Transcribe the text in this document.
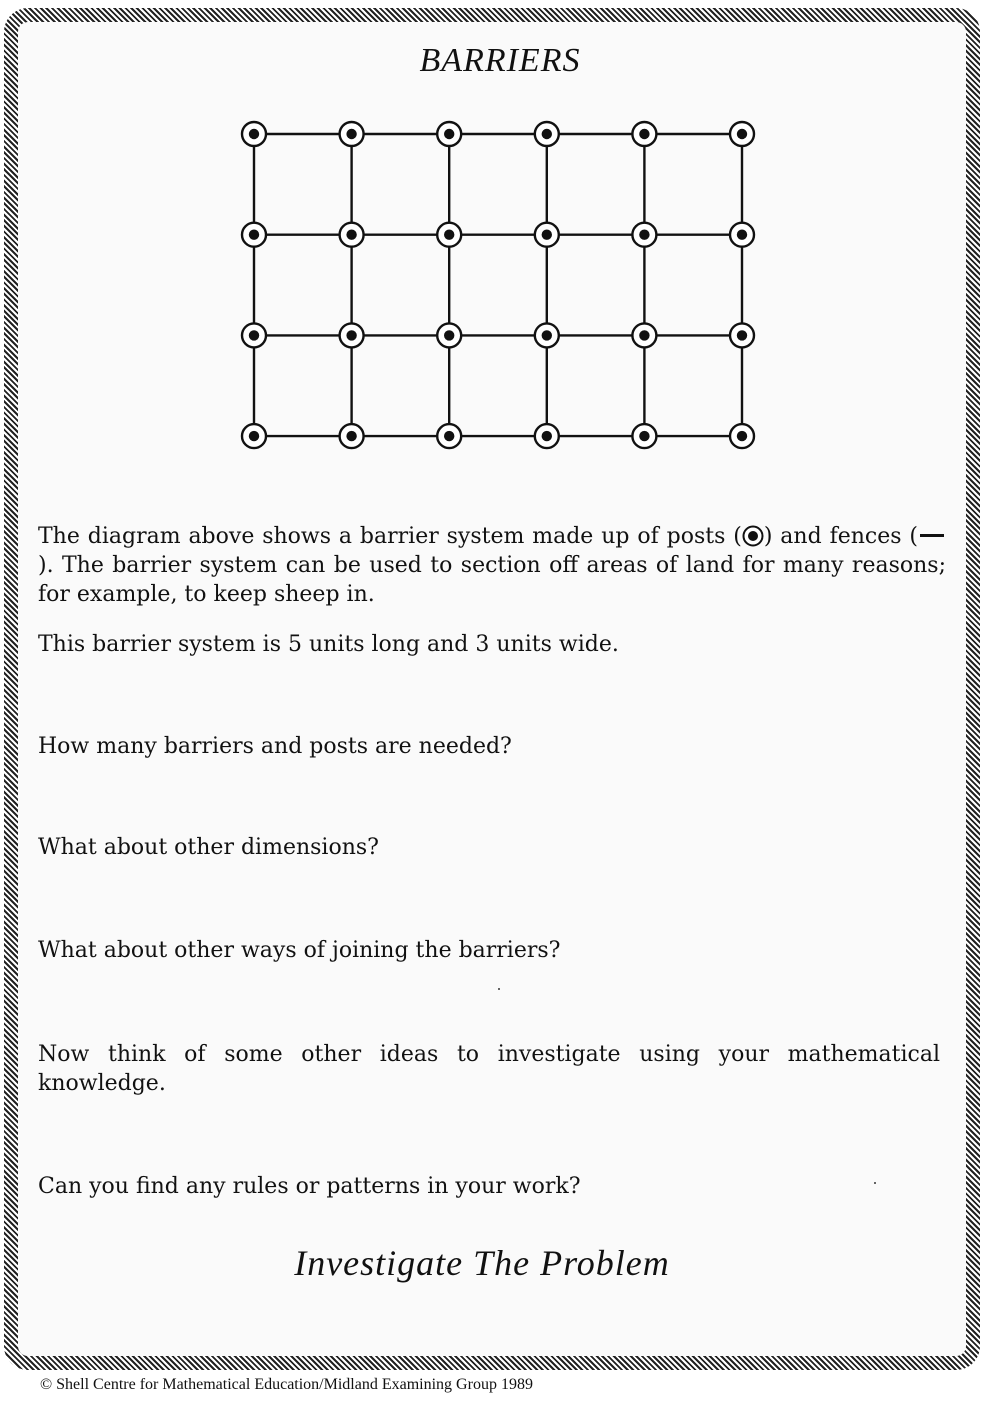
BARRIERS

The diagram above shows a barrier system made up of posts ( ) and fences (). The barrier system can be used to section off areas of land for many reasons; for example, to keep sheep in.

This barrier system is 5 units long and 3 units wide.

How many barriers and posts are needed?

What about other dimensions?

What about other ways of joining the barriers?

Now think of some other ideas to investigate using your mathematical knowledge.

Can you find any rules or patterns in your work?

Investigate The Problem
© Shell Centre for Mathematical Education/Midland Examining Group 1989
